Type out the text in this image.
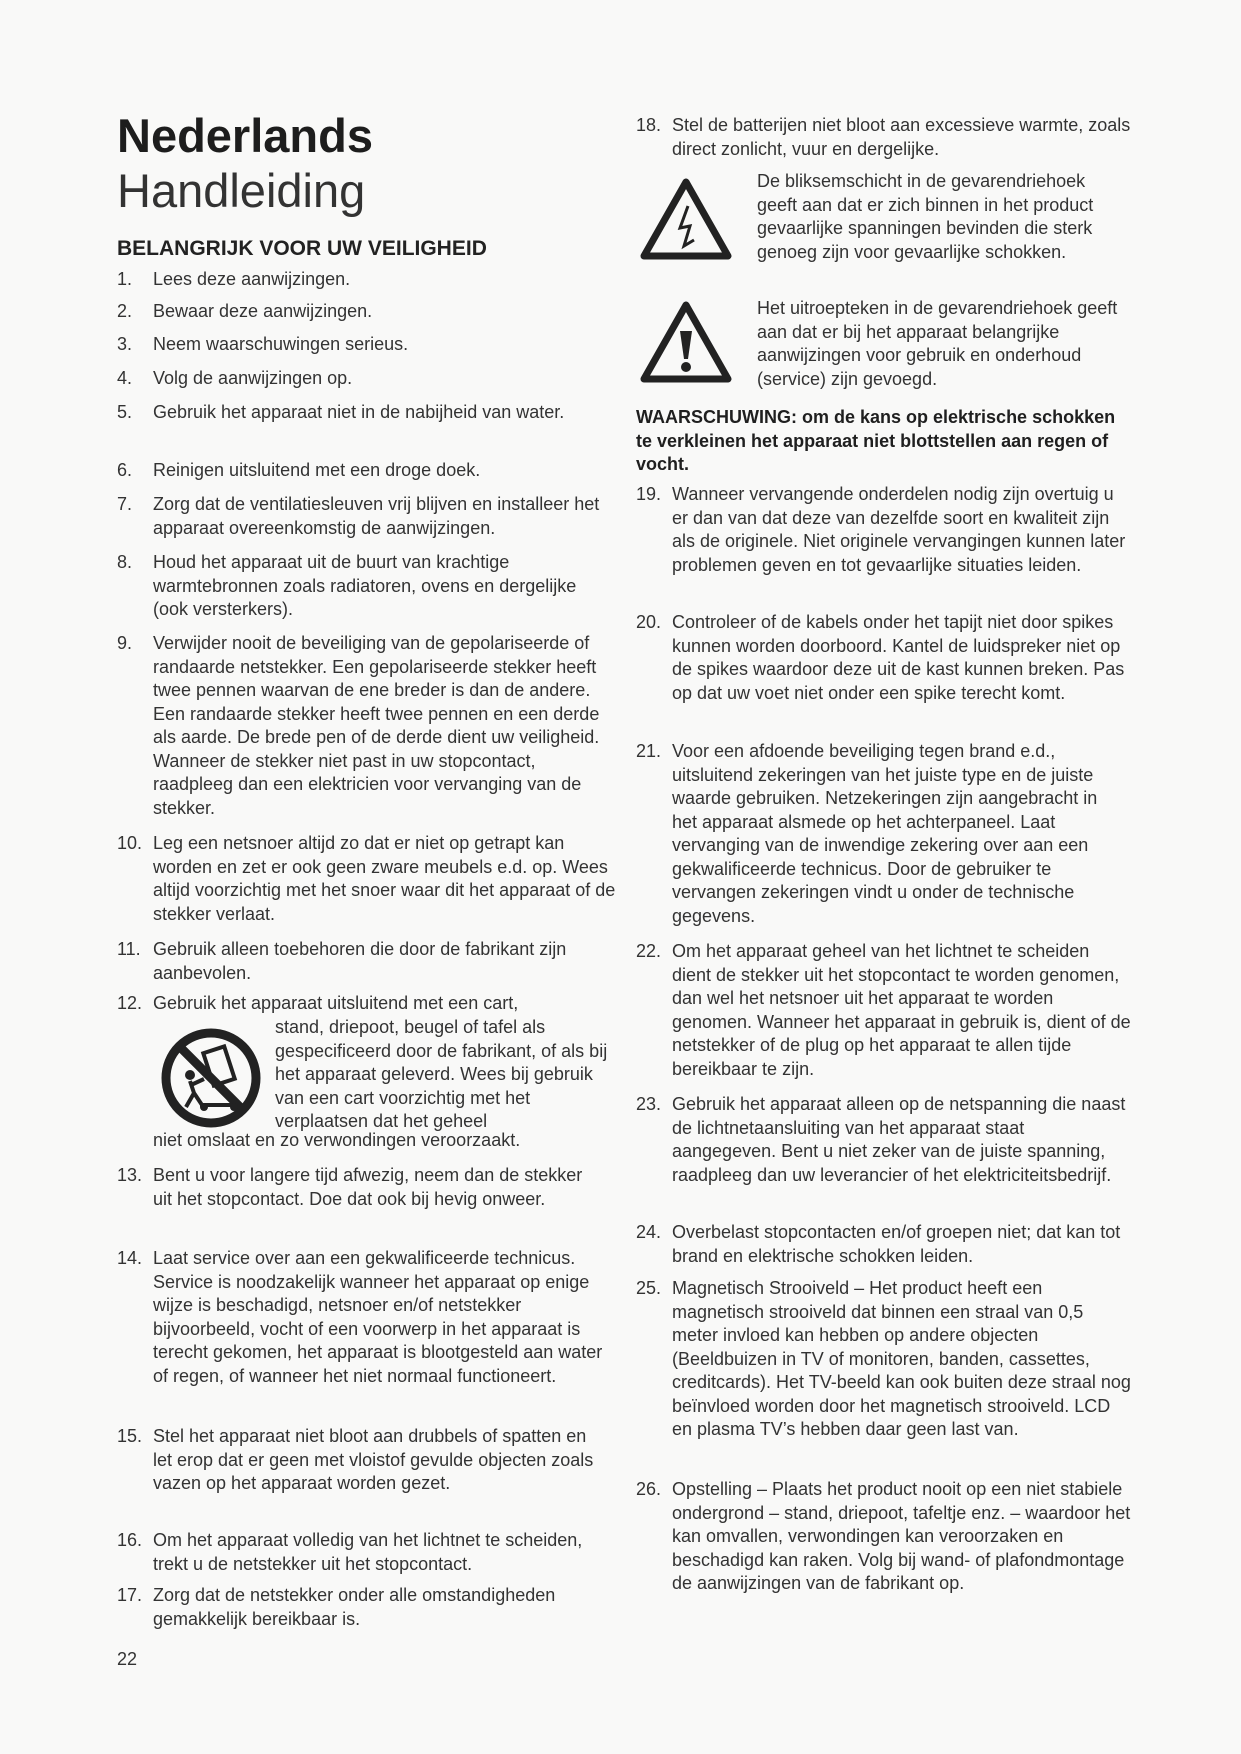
Nederlands
Handleiding
BELANGRIJK VOOR UW VEILIGHEID
1.	Lees deze aanwijzingen.
2.	Bewaar deze aanwijzingen.
3.	Neem waarschuwingen serieus.
4.	Volg de aanwijzingen op.
5.	Gebruik het apparaat niet in de nabijheid van water.
6.	Reinigen uitsluitend met een droge doek.
7.	Zorg dat de ventilatiesleuven vrij blijven en installeer het apparaat overeenkomstig de aanwijzingen.
8.	Houd het apparaat uit de buurt van krachtige warmtebronnen zoals radiatoren, ovens en dergelijke (ook versterkers).
9.	Verwijder nooit de beveiliging van de gepolariseerde of randaarde netstekker. Een gepolariseerde stekker heeft twee pennen waarvan de ene breder is dan de andere. Een randaarde stekker heeft twee pennen en een derde als aarde. De brede pen of de derde dient uw veiligheid. Wanneer de stekker niet past in uw stopcontact, raadpleeg dan een elektricien voor vervanging van de stekker.
10. Leg een netsnoer altijd zo dat er niet op getrapt kan worden en zet er ook geen zware meubels e.d. op. Wees altijd voorzichtig met het snoer waar dit het apparaat of de stekker verlaat.
11. Gebruik alleen toebehoren die door de fabrikant zijn aanbevolen.
12. Gebruik het apparaat uitsluitend met een cart,
stand, driepoot, beugel of tafel als gespecificeerd door de fabrikant, of als bij het apparaat geleverd. Wees bij gebruik van een cart voorzichtig met het verplaatsen dat het geheel
niet omslaat en zo verwondingen veroorzaakt.
13. Bent u voor langere tijd afwezig, neem dan de stekker uit het stopcontact. Doe dat ook bij hevig onweer.
14. Laat service over aan een gekwalificeerde technicus. Service is noodzakelijk wanneer het apparaat op enige wijze is beschadigd, netsnoer en/of netstekker bijvoorbeeld, vocht of een voorwerp in het apparaat is terecht gekomen, het apparaat is blootgesteld aan water of regen, of wanneer het niet normaal functioneert.
15. Stel het apparaat niet bloot aan drubbels of spatten en let erop dat er geen met vloistof gevulde objecten zoals vazen op het apparaat worden gezet.
16. Om het apparaat volledig van het lichtnet te scheiden, trekt u de netstekker uit het stopcontact.
17. Zorg dat de netstekker onder alle omstandigheden gemakkelijk bereikbaar is.
22
18. Stel de batterijen niet bloot aan excessieve warmte, zoals direct zonlicht, vuur en dergelijke.
De bliksemschicht in de gevarendriehoek geeft aan dat er zich binnen in het product gevaarlijke spanningen bevinden die sterk genoeg zijn voor gevaarlijke schokken.
Het uitroepteken in de gevarendriehoek geeft aan dat er bij het apparaat belangrijke aanwijzingen voor gebruik en onderhoud (service) zijn gevoegd.
WAARSCHUWING: om de kans op elektrische schokken te verkleinen het apparaat niet blottstellen aan regen of vocht.
19. Wanneer vervangende onderdelen nodig zijn overtuig u er dan van dat deze van dezelfde soort en kwaliteit zijn als de originele. Niet originele vervangingen kunnen later problemen geven en tot gevaarlijke situaties leiden.
20. Controleer of de kabels onder het tapijt niet door spikes kunnen worden doorboord. Kantel de luidspreker niet op de spikes waardoor deze uit de kast kunnen breken. Pas op dat uw voet niet onder een spike terecht komt.
21. Voor een afdoende beveiliging tegen brand e.d., uitsluitend zekeringen van het juiste type en de juiste waarde gebruiken. Netzekeringen zijn aangebracht in het apparaat alsmede op het achterpaneel. Laat vervanging van de inwendige zekering over aan een gekwalificeerde technicus. Door de gebruiker te vervangen zekeringen vindt u onder de technische gegevens.
22. Om het apparaat geheel van het lichtnet te scheiden dient de stekker uit het stopcontact te worden genomen, dan wel het netsnoer uit het apparaat te worden genomen. Wanneer het apparaat in gebruik is, dient of de netstekker of de plug op het apparaat te allen tijde bereikbaar te zijn.
23. Gebruik het apparaat alleen op de netspanning die naast de lichtnetaansluiting van het apparaat staat aangegeven. Bent u niet zeker van de juiste spanning, raadpleeg dan uw leverancier of het elektriciteitsbedrijf.
24. Overbelast stopcontacten en/of groepen niet; dat kan tot brand en elektrische schokken leiden.
25. Magnetisch Strooiveld – Het product heeft een magnetisch strooiveld dat binnen een straal van 0,5 meter invloed kan hebben op andere objecten (Beeldbuizen in TV of monitoren, banden, cassettes, creditcards). Het TV-beeld kan ook buiten deze straal nog beïnvloed worden door het magnetisch strooiveld. LCD en plasma TV’s hebben daar geen last van.
26. Opstelling – Plaats het product nooit op een niet stabiele ondergrond – stand, driepoot, tafeltje enz. – waardoor het kan omvallen, verwondingen kan veroorzaken en beschadigd kan raken. Volg bij wand- of plafondmontage de aanwijzingen van de fabrikant op.
